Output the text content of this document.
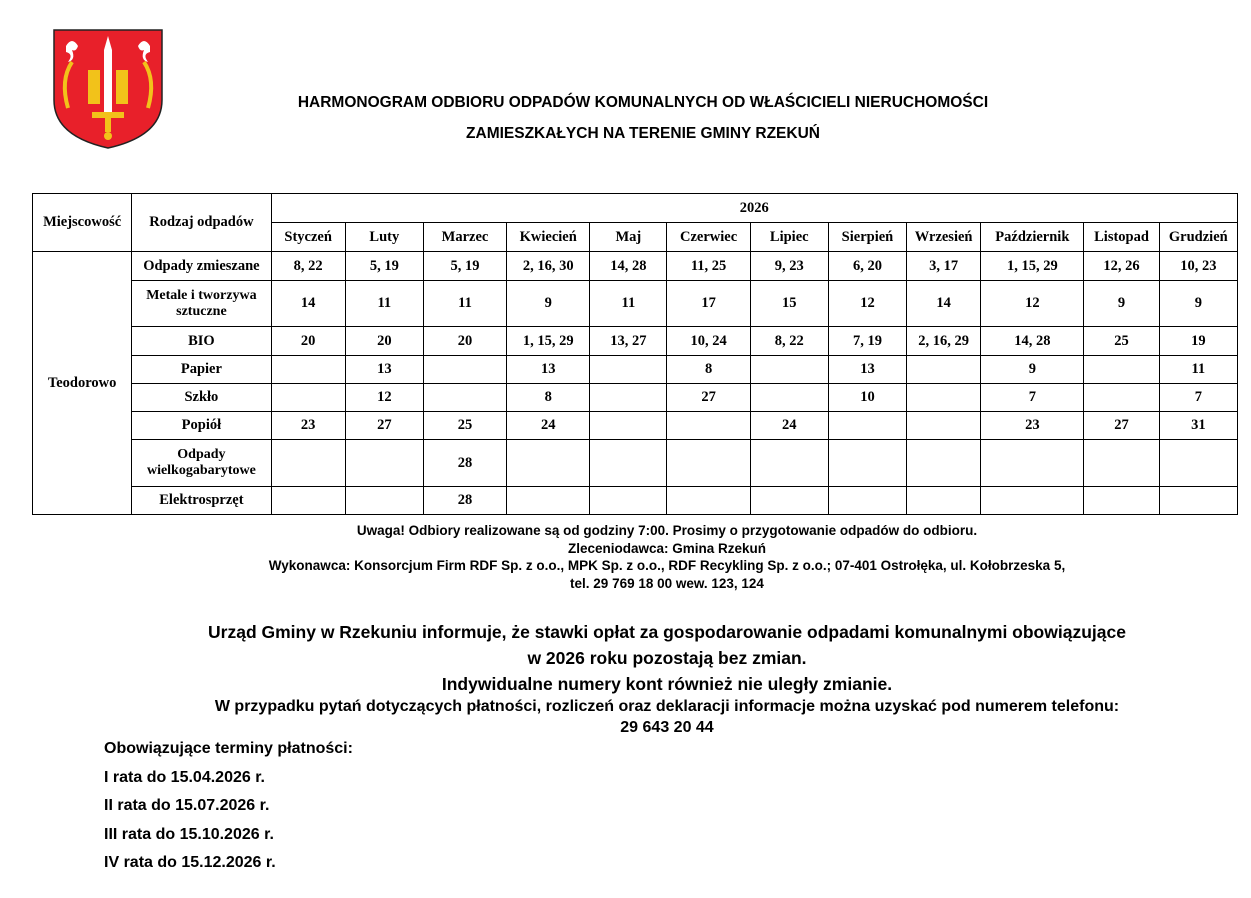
HARMONOGRAM ODBIORU ODPADÓW KOMUNALNYCH OD WŁAŚCICIELI NIERUCHOMOŚCI
ZAMIESZKAŁYCH NA TERENIE GMINY RZEKUŃ
Miejscowość	Rodzaj odpadów	2026											
		Styczeń	Luty	Marzec	Kwiecień	Maj	Czerwiec	Lipiec	Sierpień	Wrzesień	Październik	Listopad	Grudzień
Teodorowo	Odpady zmieszane	8, 22	5, 19	5, 19	2, 16, 30	14, 28	11, 25	9, 23	6, 20	3, 17	1, 15, 29	12, 26	10, 23
	Metale i tworzywa sztuczne	14	11	11	9	11	17	15	12	14	12	9	9
	BIO	20	20	20	1, 15, 29	13, 27	10, 24	8, 22	7, 19	2, 16, 29	14, 28	25	19
	Papier		13		13		8		13		9		11
	Szkło		12		8		27		10		7		7
	Popiół	23	27	25	24			24			23	27	31
	Odpady wielkogabarytowe			28									
	Elektrosprzęt			28									
Uwaga! Odbiory realizowane są od godziny 7:00. Prosimy o przygotowanie odpadów do odbioru.
Zleceniodawca: Gmina Rzekuń
Wykonawca: Konsorcjum Firm RDF Sp. z o.o., MPK Sp. z o.o., RDF Recykling Sp. z o.o.; 07-401 Ostrołęka, ul. Kołobrzeska 5,
tel. 29 769 18 00 wew. 123, 124
Urząd Gminy w Rzekuniu informuje, że stawki opłat za gospodarowanie odpadami komunalnymi obowiązujące
w 2026 roku pozostają bez zmian.
Indywidualne numery kont również nie uległy zmianie.
W przypadku pytań dotyczących płatności, rozliczeń oraz deklaracji informacje można uzyskać pod numerem telefonu:
29 643 20 44
Obowiązujące terminy płatności:
I rata do 15.04.2026 r.
II rata do 15.07.2026 r.
III rata do 15.10.2026 r.
IV rata do 15.12.2026 r.
